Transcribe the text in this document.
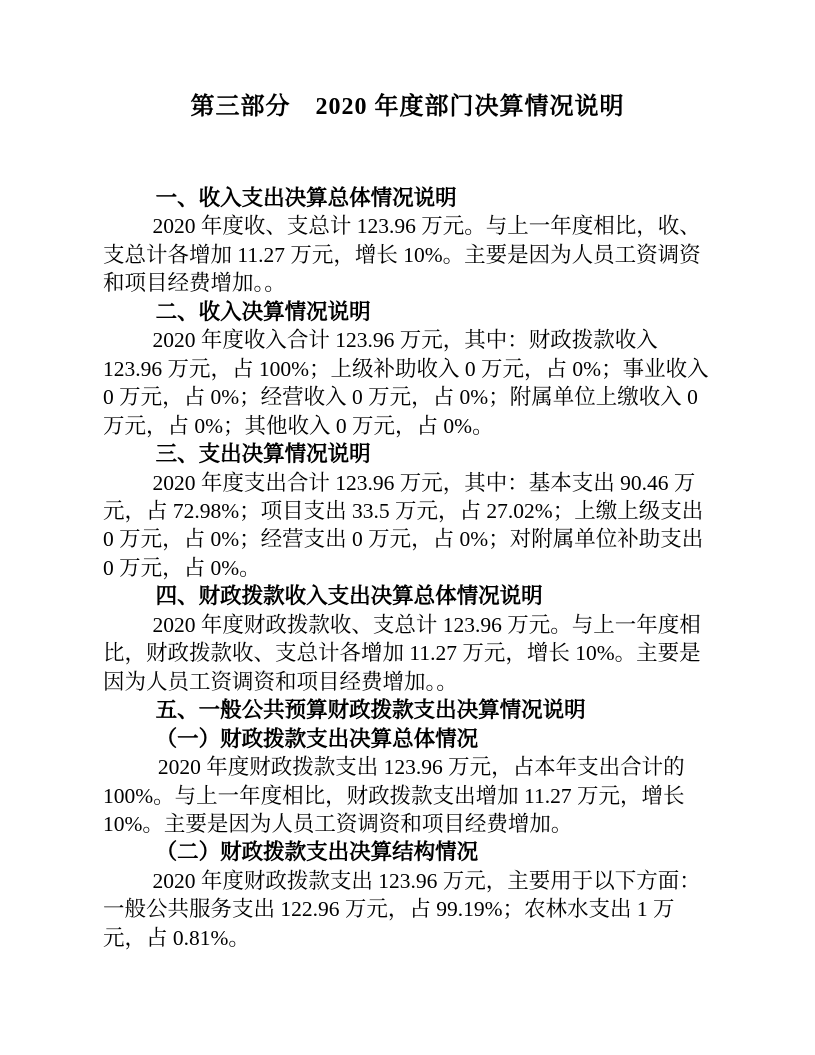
第三部分　2020 年度部门决算情况说明
一、收入支出决算总体情况说明

2020 年度收、支总计 123.96 万元。与上一年度相比，收、支总计各增加 11.27 万元，增长 10%。主要是因为人员工资调资和项目经费增加。。

二、收入决算情况说明

2020 年度收入合计 123.96 万元，其中：财政拨款收入 123.96 万元，占 100%；上级补助收入 0 万元，占 0%；事业收入 0 万元，占 0%；经营收入 0 万元，占 0%；附属单位上缴收入 0 万元，占 0%；其他收入 0 万元，占 0%。

三、支出决算情况说明

2020 年度支出合计 123.96 万元，其中：基本支出 90.46 万元，占 72.98%；项目支出 33.5 万元，占 27.02%；上缴上级支出 0 万元，占 0%；经营支出 0 万元，占 0%；对附属单位补助支出 0 万元，占 0%。

四、财政拨款收入支出决算总体情况说明

2020 年度财政拨款收、支总计 123.96 万元。与上一年度相比，财政拨款收、支总计各增加 11.27 万元，增长 10%。主要是因为人员工资调资和项目经费增加。。

五、一般公共预算财政拨款支出决算情况说明
（一）财政拨款支出决算总体情况

2020 年度财政拨款支出 123.96 万元，占本年支出合计的 100%。与上一年度相比，财政拨款支出增加 11.27 万元，增长 10%。主要是因为人员工资调资和项目经费增加。

（二）财政拨款支出决算结构情况

2020 年度财政拨款支出 123.96 万元，主要用于以下方面：一般公共服务支出 122.96 万元，占 99.19%；农林水支出 1 万元，占 0.81%。
